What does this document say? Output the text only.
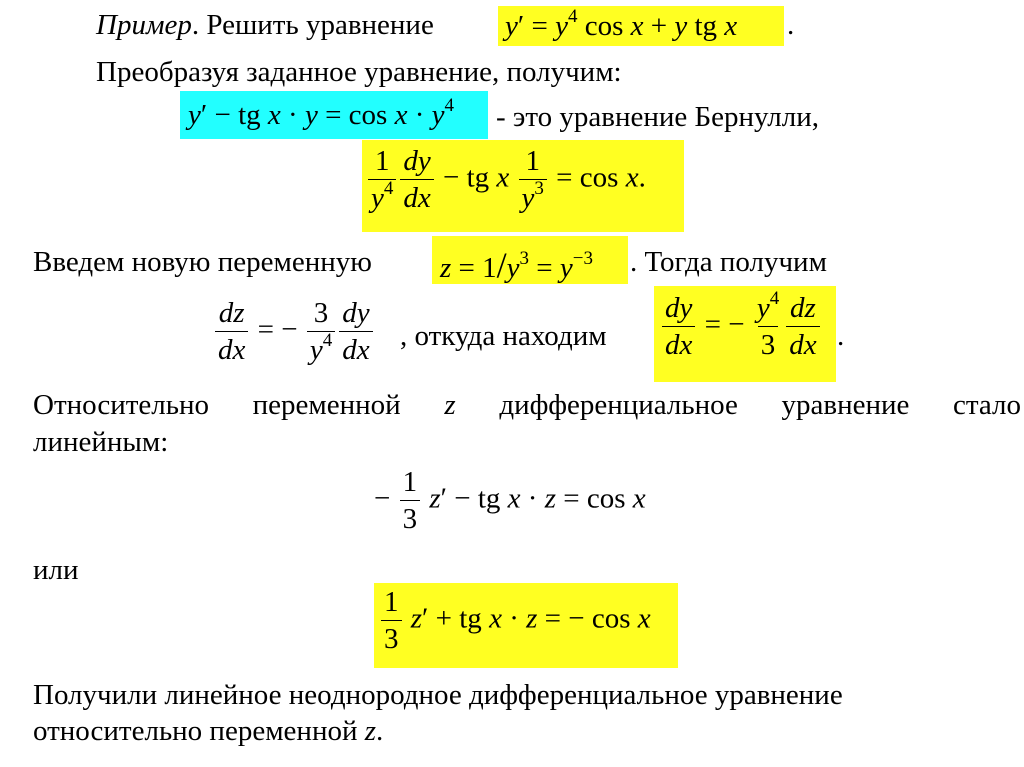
Пример. Решить уравнение $y' = y^4$ cos x + y tg x .
Преобразуя заданное уравнение, получим:
y′ − tg $x \cdot y = \cos x \cdot y^4$ - это уравнение Бернулли,
$\frac{1}{y^4} \frac{dy}{dx}$ − tg x $\frac{1}{y^3} = \cos x$.
Введем новую переменную $z = 1/y^3 = y^{-3}$ . Тогда получим
$\frac{dz}{dx}$ = − $\frac{3}{y^4} \frac{dy}{dx}$ , откуда находим $\frac{dy}{dx}$ = − $\frac{y^4}{3} \frac{dz}{dx}$ .
Относительно переменной z дифференциальное уравнение стало
линейным:
− $\frac{1}{3} z'$ − tg x · z = cos x
или
$\frac{1}{3} z'$ + tg x · z = − cos x
Получили линейное неоднородное дифференциальное уравнение
относительно переменной z.
